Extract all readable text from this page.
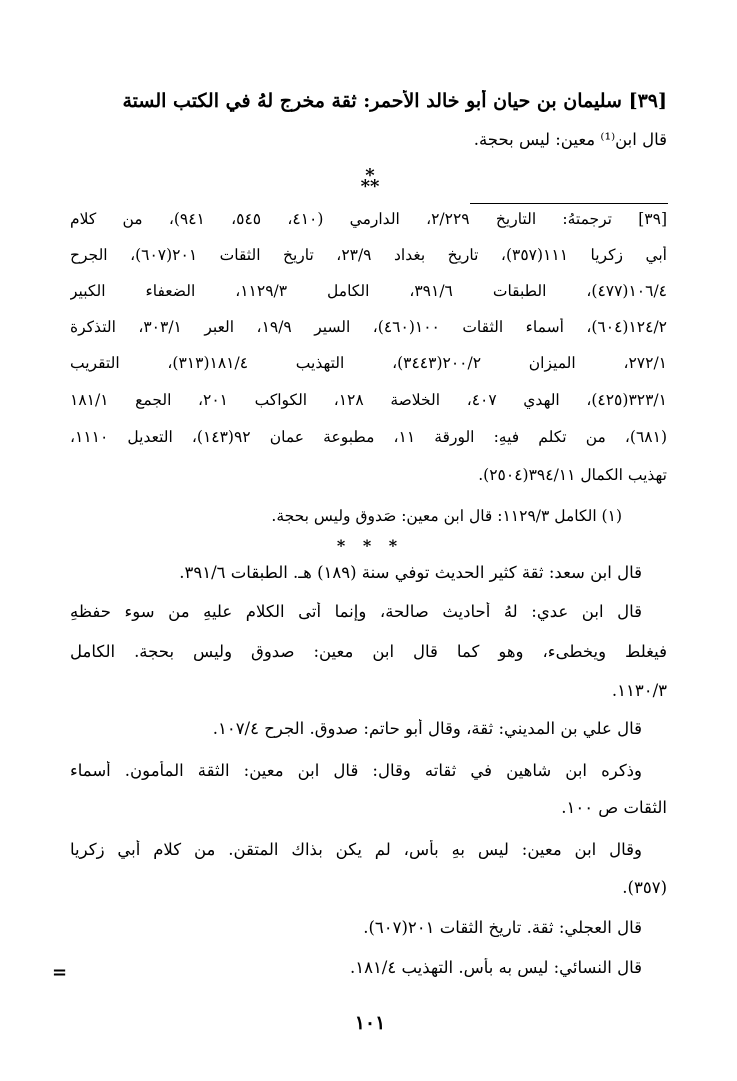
[٣٩] سليمان بن حيان أبو خالد الأحمر: ثقة مخرج لهُ في الكتب الستة
قال ابن⁽¹⁾ معين: ليس بحجة.
*
**
[٣٩] ترجمتهُ: التاريخ ٢/٢٢٩، الدارمي (٤١٠، ٥٤٥، ٩٤١)، من كلام
أبي زكريا ١١١(٣٥٧)، تاريخ بغداد ٢٣/٩، تاريخ الثقات ٢٠١(٦٠٧)، الجرح
١٠٦/٤(٤٧٧)، الطبقات ٣٩١/٦، الكامل ١١٢٩/٣، الضعفاء الكبير
١٢٤/٢(٦٠٤)، أسماء الثقات ١٠٠(٤٦٠)، السير ١٩/٩، العبر ٣٠٣/١، التذكرة
٢٧٢/١، الميزان ٢٠٠/٢(٣٤٤٣)، التهذيب ١٨١/٤(٣١٣)، التقريب
٣٢٣/١(٤٢٥)، الهدي ٤٠٧، الخلاصة ١٢٨، الكواكب ٢٠١، الجمع ١٨١/١
(٦٨١)، من تكلم فيهِ: الورقة ١١، مطبوعة عمان ٩٢(١٤٣)، التعديل ١١١٠،
تهذيب الكمال ٣٩٤/١١(٢٥٠٤).
(١) الكامل ١١٢٩/٣: قال ابن معين: صَدوق وليس بحجة.
* * *
قال ابن سعد: ثقة كثير الحديث توفي سنة (١٨٩) هـ. الطبقات ٣٩١/٦.
قال ابن عدي: لهُ أحاديث صالحة، وإنما أتى الكلام عليهِ من سوء حفظهِ
فيغلط ويخطىء، وهو كما قال ابن معين: صدوق وليس بحجة. الكامل
١١٣٠/٣.
قال علي بن المديني: ثقة، وقال أبو حاتم: صدوق. الجرح ١٠٧/٤.
وذكره ابن شاهين في ثقاته وقال: قال ابن معين: الثقة المأمون. أسماء
الثقات ص ١٠٠.
وقال ابن معين: ليس بهِ بأس، لم يكن بذاك المتقن. من كلام أبي زكريا
(٣٥٧).
قال العجلي: ثقة. تاريخ الثقات ٢٠١(٦٠٧).
قال النسائي: ليس به بأس. التهذيب ١٨١/٤.
=
١٠١
